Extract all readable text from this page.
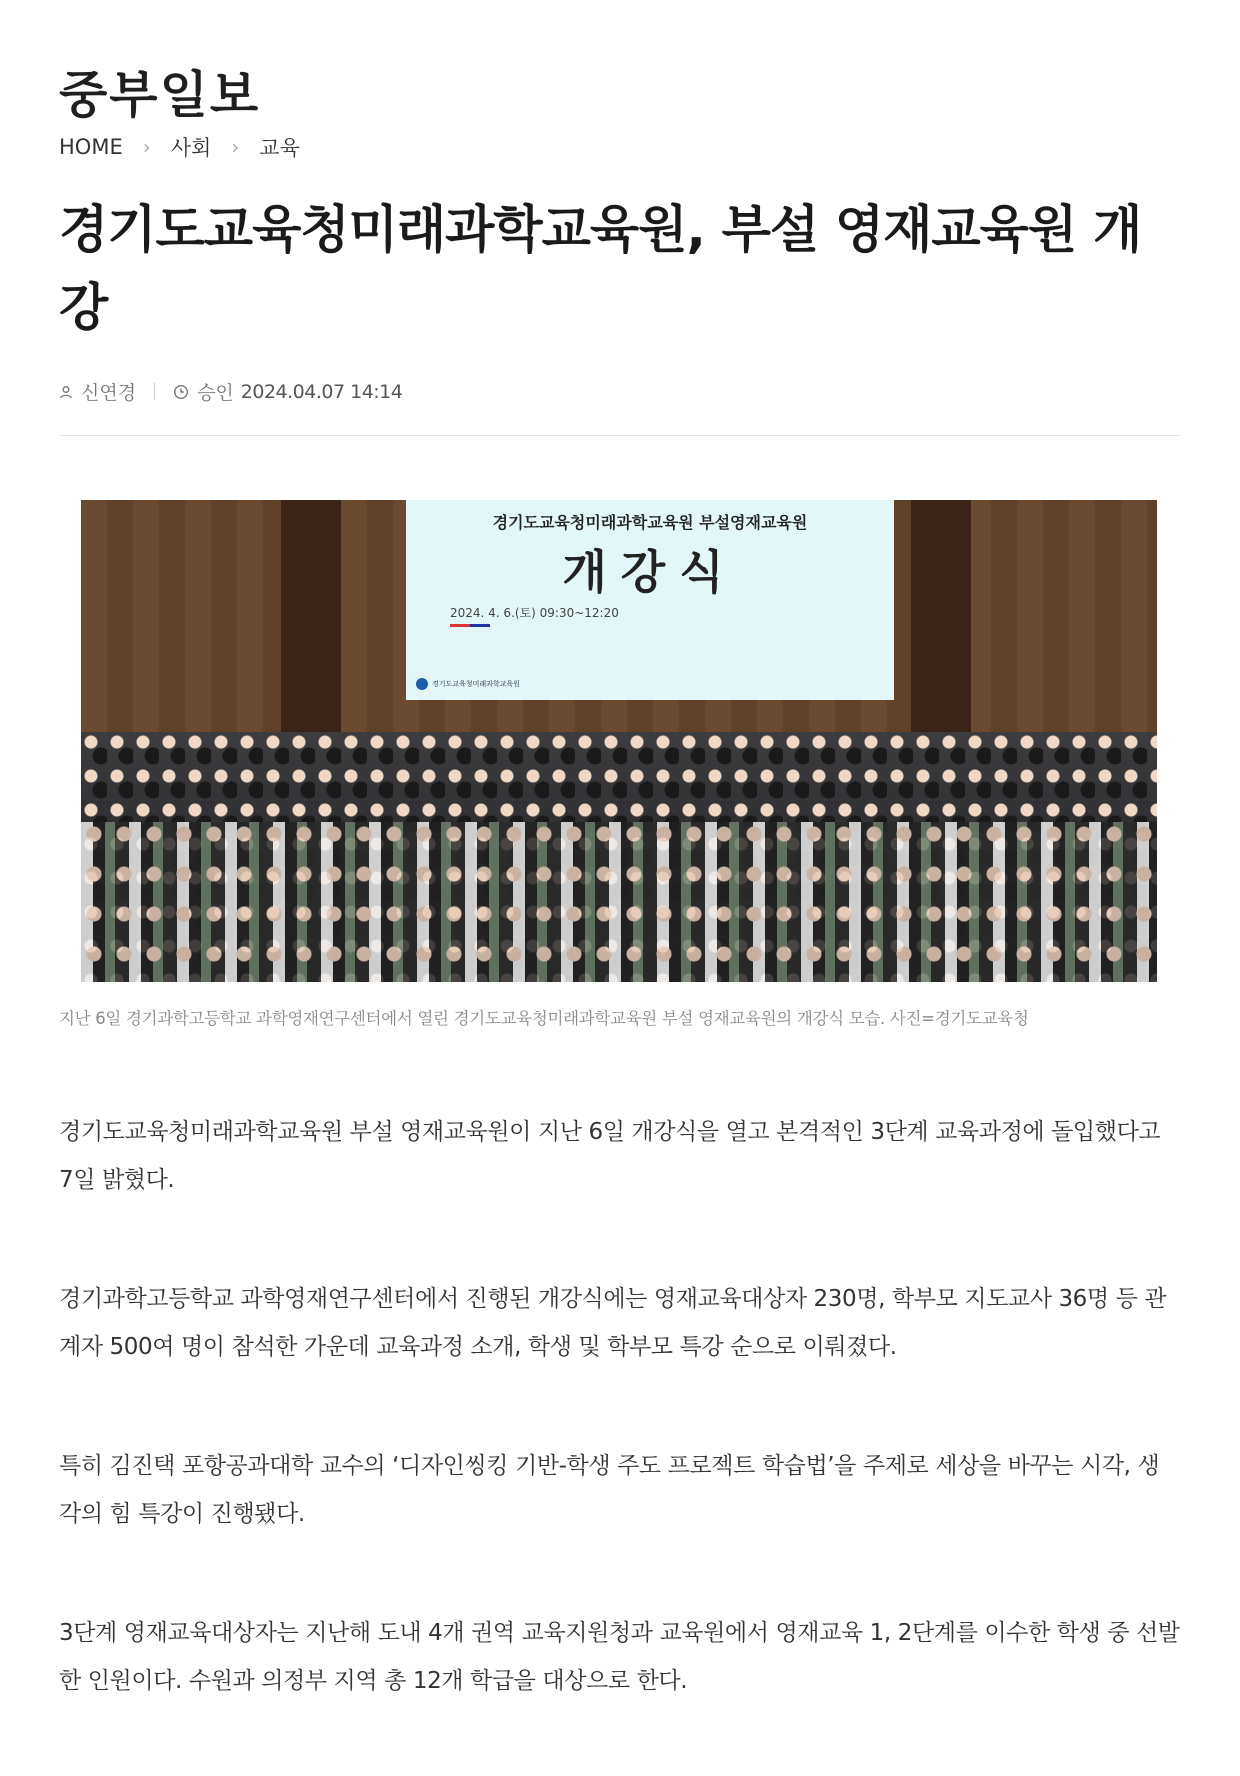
중부일보
HOME › 사회 › 교육
경기도교육청미래과학교육원, 부설 영재교육원 개강
신연경	승인 2024.04.07 14:14
경기도교육청미래과학교육원 부설영재교육원
개강식
2024. 4. 6.(토) 09:30~12:20
경기도교육청미래과학교육원

지난 6일 경기과학고등학교 과학영재연구센터에서 열린 경기도교육청미래과학교육원 부설 영재교육원의 개강식 모습. 사진=경기도교육청

경기도교육청미래과학교육원 부설 영재교육원이 지난 6일 개강식을 열고 본격적인 3단계 교육과정에 돌입했다고 7일 밝혔다.

경기과학고등학교 과학영재연구센터에서 진행된 개강식에는 영재교육대상자 230명, 학부모 지도교사 36명 등 관계자 500여 명이 참석한 가운데 교육과정 소개, 학생 및 학부모 특강 순으로 이뤄졌다.

특히 김진택 포항공과대학 교수의 ‘디자인씽킹 기반-학생 주도 프로젝트 학습법’을 주제로 세상을 바꾸는 시각, 생각의 힘 특강이 진행됐다.

3단계 영재교육대상자는 지난해 도내 4개 권역 교육지원청과 교육원에서 영재교육 1, 2단계를 이수한 학생 중 선발한 인원이다. 수원과 의정부 지역 총 12개 학급을 대상으로 한다.
